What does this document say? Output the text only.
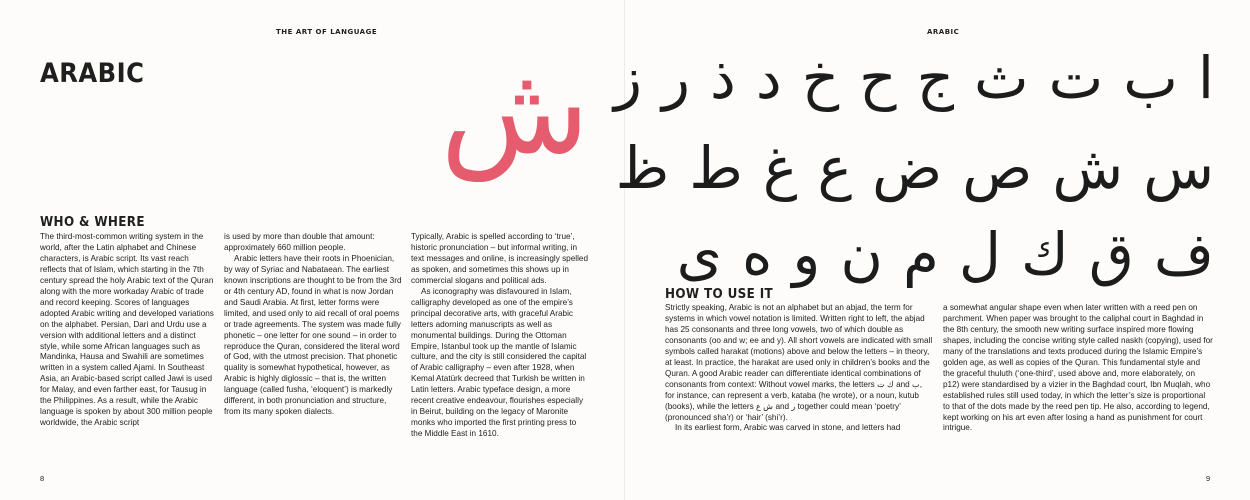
THE ART OF LANGUAGE
ARABIC ش
WHO & WHERE

The third-most-common writing system in the world, after the Latin alphabet and Chinese characters, is Arabic script. Its vast reach reflects that of Islam, which starting in the 7th century spread the holy Arabic text of the Quran along with the more workaday Arabic of trade and record keeping. Scores of languages adopted Arabic writing and developed variations on the alphabet. Persian, Dari and Urdu use a version with additional letters and a distinct style, while some African languages such as Mandinka, Hausa and Swahili are sometimes written in a system called Ajami. In Southeast Asia, an Arabic-based script called Jawi is used for Malay, and even farther east, for Tausug in the Philippines. As a result, while the Arabic language is spoken by about 300 million people worldwide, the Arabic script

is used by more than double that amount: approximately 660 million people.

Arabic letters have their roots in Phoenician, by way of Syriac and Nabataean. The earliest known inscriptions are thought to be from the 3rd or 4th century AD, found in what is now Jordan and Saudi Arabia. At first, letter forms were limited, and used only to aid recall of oral poems or trade agreements. The system was made fully phonetic – one letter for one sound – in order to reproduce the Quran, considered the literal word of God, with the utmost precision. That phonetic quality is somewhat hypothetical, however, as Arabic is highly diglossic – that is, the written language (called fusha, ‘eloquent’) is markedly different, in both pronunciation and structure, from its many spoken dialects.

Typically, Arabic is spelled according to ‘true’, historic pronunciation – but informal writing, in text messages and online, is increasingly spelled as spoken, and sometimes this shows up in commercial slogans and political ads.

As iconography was disfavoured in Islam, calligraphy developed as one of the empire’s principal decorative arts, with graceful Arabic letters adorning manuscripts as well as monumental buildings. During the Ottoman Empire, Istanbul took up the mantle of Islamic culture, and the city is still considered the capital of Arabic calligraphy – even after 1928, when Kemal Atatürk decreed that Turkish be written in Latin letters. Arabic typeface design, a more recent creative endeavour, flourishes especially in Beirut, building on the legacy of Maronite monks who imported the first printing press to the Middle East in 1610.

8
ARABIC
ابتثجحخدذرز
سشصضعغطظ
فقكلمنوهى
HOW TO USE IT

Strictly speaking, Arabic is not an alphabet but an abjad, the term for systems in which vowel notation is limited. Written right to left, the abjad has 25 consonants and three long vowels, two of which double as consonants (oo and w; ee and y). All short vowels are indicated with small symbols called harakat (motions) above and below the letters – in theory, at least. In practice, the harakat are used only in children’s books and the Quran. A good Arabic reader can differentiate identical combinations of consonants from context: Without vowel marks, the letters ك ت and ب, for instance, can represent a verb, kataba (he wrote), or a noun, kutub (books), while the letters ش ع and ر together could mean ‘poetry’ (pronounced sha’r) or ‘hair’ (shi’r).

In its earliest form, Arabic was carved in stone, and letters had

a somewhat angular shape even when later written with a reed pen on parchment. When paper was brought to the caliphal court in Baghdad in the 8th century, the smooth new writing surface inspired more flowing shapes, including the concise writing style called naskh (copying), used for many of the translations and texts produced during the Islamic Empire’s golden age, as well as copies of the Quran. This fundamental style and the graceful thuluth (‘one-third’, used above and, more elaborately, on p12) were standardised by a vizier in the Baghdad court, Ibn Muqlah, who established rules still used today, in which the letter’s size is proportional to that of the dots made by the reed pen tip. He also, according to legend, kept working on his art even after losing a hand as punishment for court intrigue.

9
